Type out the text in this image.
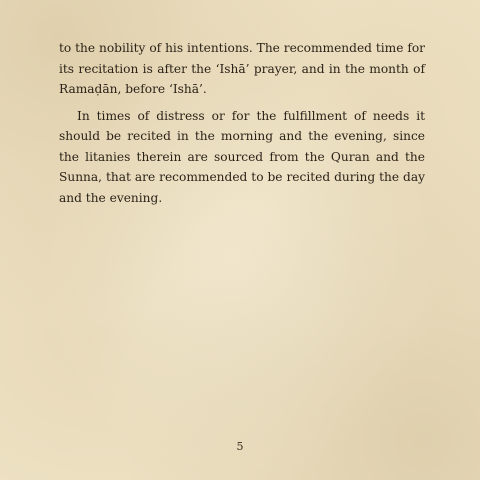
to the nobility of his intentions. The recommended time for its recitation is after the ‘Ishā’ prayer, and in the month of Ramaḍān, before ‘Ishā’.

In times of distress or for the fulfillment of needs it should be recited in the morning and the evening, since the litanies therein are sourced from the Quran and the Sunna, that are recommended to be recited during the day and the evening.

5
